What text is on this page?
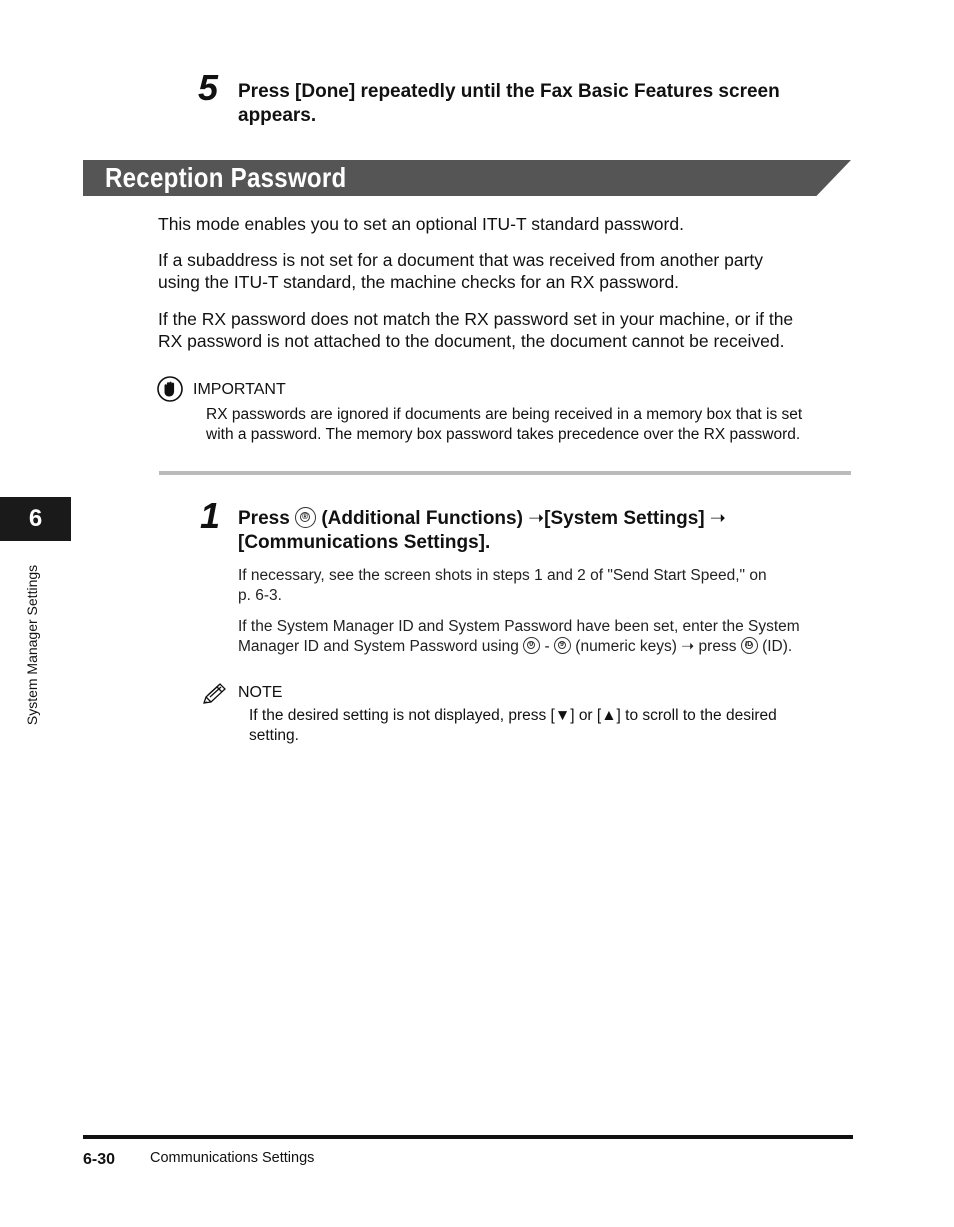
5 Press [Done] repeatedly until the Fax Basic Features screen
appears.
Reception Password
This mode enables you to set an optional ITU-T standard password.
If a subaddress is not set for a document that was received from another party
using the ITU-T standard, the machine checks for an RX password.
If the RX password does not match the RX password set in your machine, or if the
RX password is not attached to the document, the document cannot be received.
IMPORTANT
RX passwords are ignored if documents are being received in a memory box that is set
with a password. The memory box password takes precedence over the RX password.
1 Press	® (Additional Functions) ➝[System Settings] ➝
[Communications Settings].
If necessary, see the screen shots in steps 1 and 2 of "Send Start Speed," on
p. 6-3.
If the System Manager ID and System Password have been set, enter the System
Manager ID and System Password using	0 -	9 (numeric keys) ➝ press	ID (ID).
NOTE
If the desired setting is not displayed, press [▼] or [▲] to scroll to the desired
setting.
6
System Manager Settings
6-30 Communications Settings
